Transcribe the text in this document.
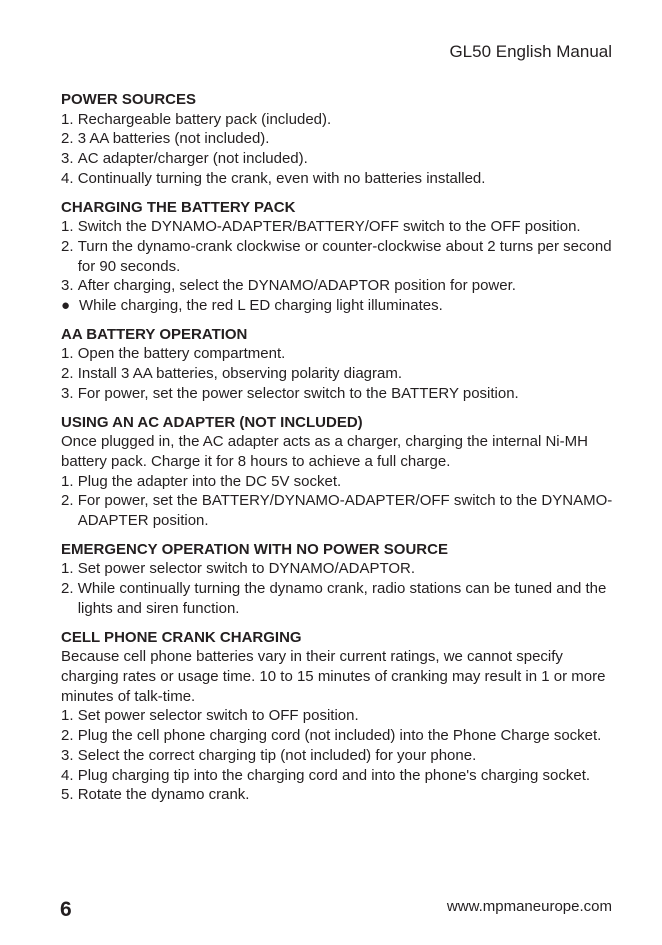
GL50 English Manual
POWER SOURCES
1. Rechargeable battery pack (included).
2. 3 AA batteries (not included).
3. AC adapter/charger (not included).
4. Continually turning the crank, even with no batteries installed.
CHARGING THE BATTERY PACK
1. Switch the DYNAMO-ADAPTER/BATTERY/OFF switch to the OFF position.
2. Turn the dynamo-crank clockwise or counter-clockwise about 2 turns per second for 90 seconds.
3. After charging, select the DYNAMO/ADAPTOR position for power.
● While charging, the red L ED charging light illuminates.
AA BATTERY OPERATION
1. Open the battery compartment.
2. Install 3 AA batteries, observing polarity diagram.
3. For power, set the power selector switch to the BATTERY position.
USING AN AC ADAPTER (NOT INCLUDED)
Once plugged in, the AC adapter acts as a charger, charging the internal Ni-MH battery pack. Charge it for 8 hours to achieve a full charge.
1. Plug the adapter into the DC 5V socket.
2. For power, set the BATTERY/DYNAMO-ADAPTER/OFF switch to the DYNAMO-ADAPTER position.
EMERGENCY OPERATION WITH NO POWER SOURCE
1. Set power selector switch to DYNAMO/ADAPTOR.
2. While continually turning the dynamo crank, radio stations can be tuned and the lights and siren function.
CELL PHONE CRANK CHARGING
Because cell phone batteries vary in their current ratings, we cannot specify charging rates or usage time. 10 to 15 minutes of cranking may result in 1 or more minutes of talk-time.
1. Set power selector switch to OFF position.
2. Plug the cell phone charging cord (not included) into the Phone Charge socket.
3. Select the correct charging tip (not included) for your phone.
4. Plug charging tip into the charging cord and into the phone's charging socket.
5. Rotate the dynamo crank.
6	www.mpmaneurope.com
